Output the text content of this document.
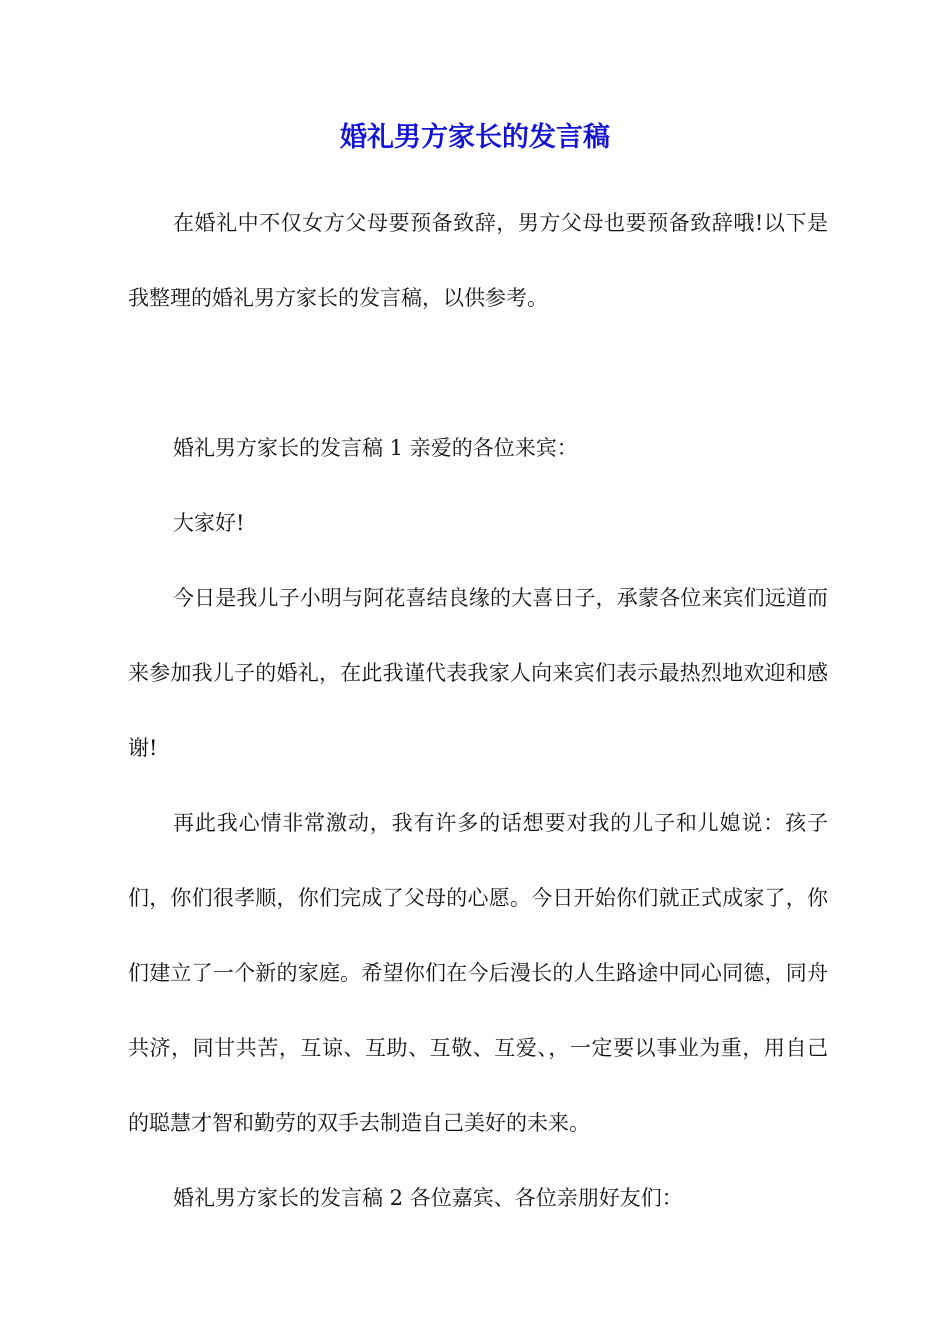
婚礼男方家长的发言稿

在婚礼中不仅女方父母要预备致辞，男方父母也要预备致辞哦!以下是我整理的婚礼男方家长的发言稿，以供参考。

婚礼男方家长的发言稿 1 亲爱的各位来宾：

大家好!

今日是我儿子小明与阿花喜结良缘的大喜日子，承蒙各位来宾们远道而来参加我儿子的婚礼，在此我谨代表我家人向来宾们表示最热烈地欢迎和感谢!

再此我心情非常激动，我有许多的话想要对我的儿子和儿媳说：孩子们，你们很孝顺，你们完成了父母的心愿。今日开始你们就正式成家了，你们建立了一个新的家庭。希望你们在今后漫长的人生路途中同心同德，同舟共济，同甘共苦，互谅、互助、互敬、互爱、，一定要以事业为重，用自己的聪慧才智和勤劳的双手去制造自己美好的未来。

婚礼男方家长的发言稿 2 各位嘉宾、各位亲朋好友们：
